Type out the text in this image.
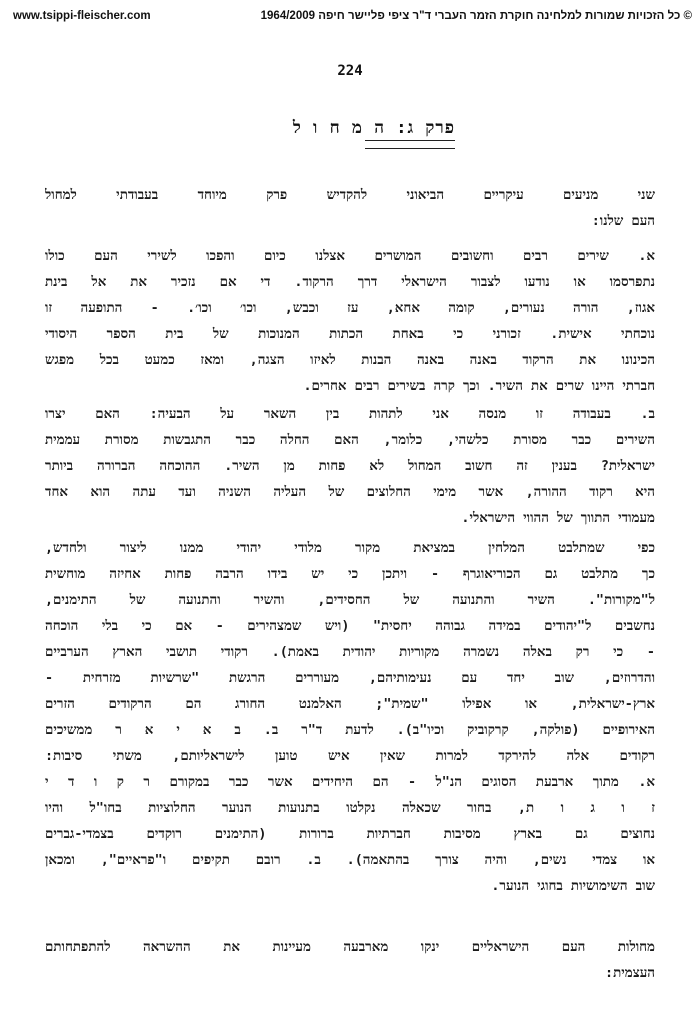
www.tsippi-fleischer.com	© כל הזכויות שמורות למלחינה חוקרת הזמר העברי ד"ר ציפי פליישר חיפה 1964/2009
224
פרק ג: ה מ ח ו ל
שני מניעים עיקריים הביאוני להקדיש פרק מיוחד בעבודתי למחול
העם שלנו:
א. שירים רבים וחשובים המושרים אצלנו כיום והפכו לשירי העם כולו
נתפרסמו או נודעו לצבור הישראלי דרך הרקוד. די אם נזכיר את אל בינת
אגוז, הורה נעורים, קומה אחא, עז וכבש, וכו׳ וכו׳. - התופעה זו
נוכחתי אישית. זכורני כי באחת הכתות המנוכות של בית הספר היסודי
הכינונו את הרקוד באנה באנה הבנות לאיזו הצגה, ומאז כמעט בכל מפגש
חברתי היינו שרים את השיר. וכך קרה בשירים רבים אחרים.
ב. בעבודה זו מנסה אני לתהות בין השאר על הבעיה: האם יצרו
השירים כבר מסורת כלשהי, כלומר, האם החלה כבר התגבשות מסורת עממית
ישראלית? בענין זה חשוב המחול לא פחות מן השיר. ההוכחה הברורה ביותר
היא רקוד ההורה, אשר מימי החלוצים של העליה השניה ועד עתה הוא אחד
מעמודי התווך של ההווי הישראלי.
כפי שמתלבט המלחין במציאת מקור מלודי יהודי ממנו ליצור ולחדש,
כך מתלבט גם הכוריאוגרף - ויתכן כי יש בידו הרבה פחות אחיזה מוחשית
ל"מקורות". השיר והתנועה של החסידים, והשיר והתנועה של התימנים,
נחשבים ל"יהודים במידה גבוהה יחסית" (ויש שמצהירים - אם כי בלי הוכחה
- כי רק באלה נשמרה מקוריות יהודית באמת). רקודי תושבי הארץ הערביים
והדרוזים, שוב יחד עם נעימותיהם, מעוררים הרגשת "שרשיות מזרחית -
ארץ-ישראלית, או אפילו "שמית"; האלמנט החורג הם הרקודים הזרים
האירופיים (פולקה, קרקוביק וכיו"ב). לדעת ד"ר ב. ב א י א ר ממשיכים
רקודים אלה להירקד למרות שאין איש טוען לישראליותם, משתי סיבות:
א. מתוך ארבעת הסוגים הנ"ל - הם היחידים אשר כבר במקורם ר ק ו ד י
ז ו ג ו ת, בחור שכאלה נקלטו בתנועות הנוער החלוציות בחו"ל והיו
נחוצים גם בארץ מסיבות חברתיות ברורות (התימנים רוקדים בצמדי-גברים
או צמדי נשים, והיה צורך בהתאמה). ב. רובם תקיפים ו"פראיים", ומכאן
שוב השימושיות בחוגי הנוער.
מחולות העם הישראליים ינקו מארבעה מעיינות את ההשראה להתפתחותם
העצמית:
